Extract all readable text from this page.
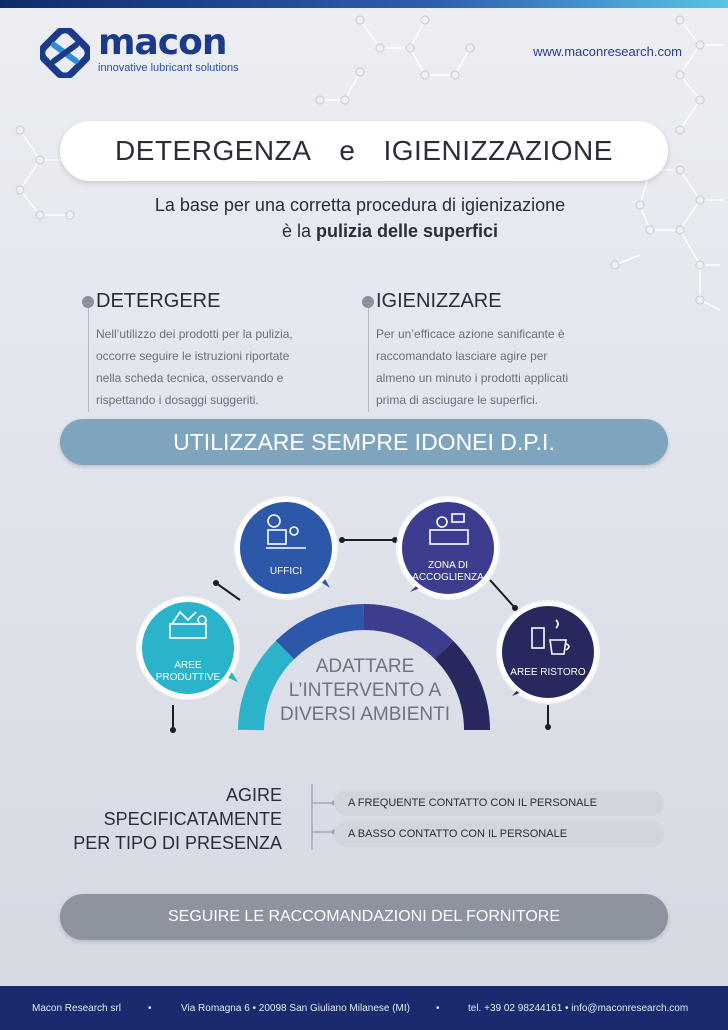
macon
innovative lubricant solutions
www.maconresearch.com
DETERGENZA e IGIENIZZAZIONE
La base per una corretta procedura di igienizazione
è la pulizia delle superfici
DETERGERE

Nell’utilizzo dei prodotti per la pulizia,
occorre seguire le istruzioni riportate
nella scheda tecnica, osservando e
rispettando i dosaggi suggeriti.

IGIENIZZARE

Per un’efficace azione sanificante è
raccomandato lasciare agire per
almeno un minuto i prodotti applicati
prima di asciugare le superfici.

UTILIZZARE SEMPRE IDONEI D.P.I.
AREE
PRODUTTIVE
UFFICI
ZONA DI
ACCOGLIENZA
AREE RISTORO
ADATTARE
L’INTERVENTO A
DIVERSI AMBIENTI
AGIRE
SPECIFICATAMENTE
PER TIPO DI PRESENZA
A FREQUENTE CONTATTO CON IL PERSONALE
A BASSO CONTATTO CON IL PERSONALE
SEGUIRE LE RACCOMANDAZIONI DEL FORNITORE
Macon Research srl	•	Via Romagna 6 • 20098 San Giuliano Milanese (MI)	•	tel. +39 02 98244161 • info@maconresearch.com
